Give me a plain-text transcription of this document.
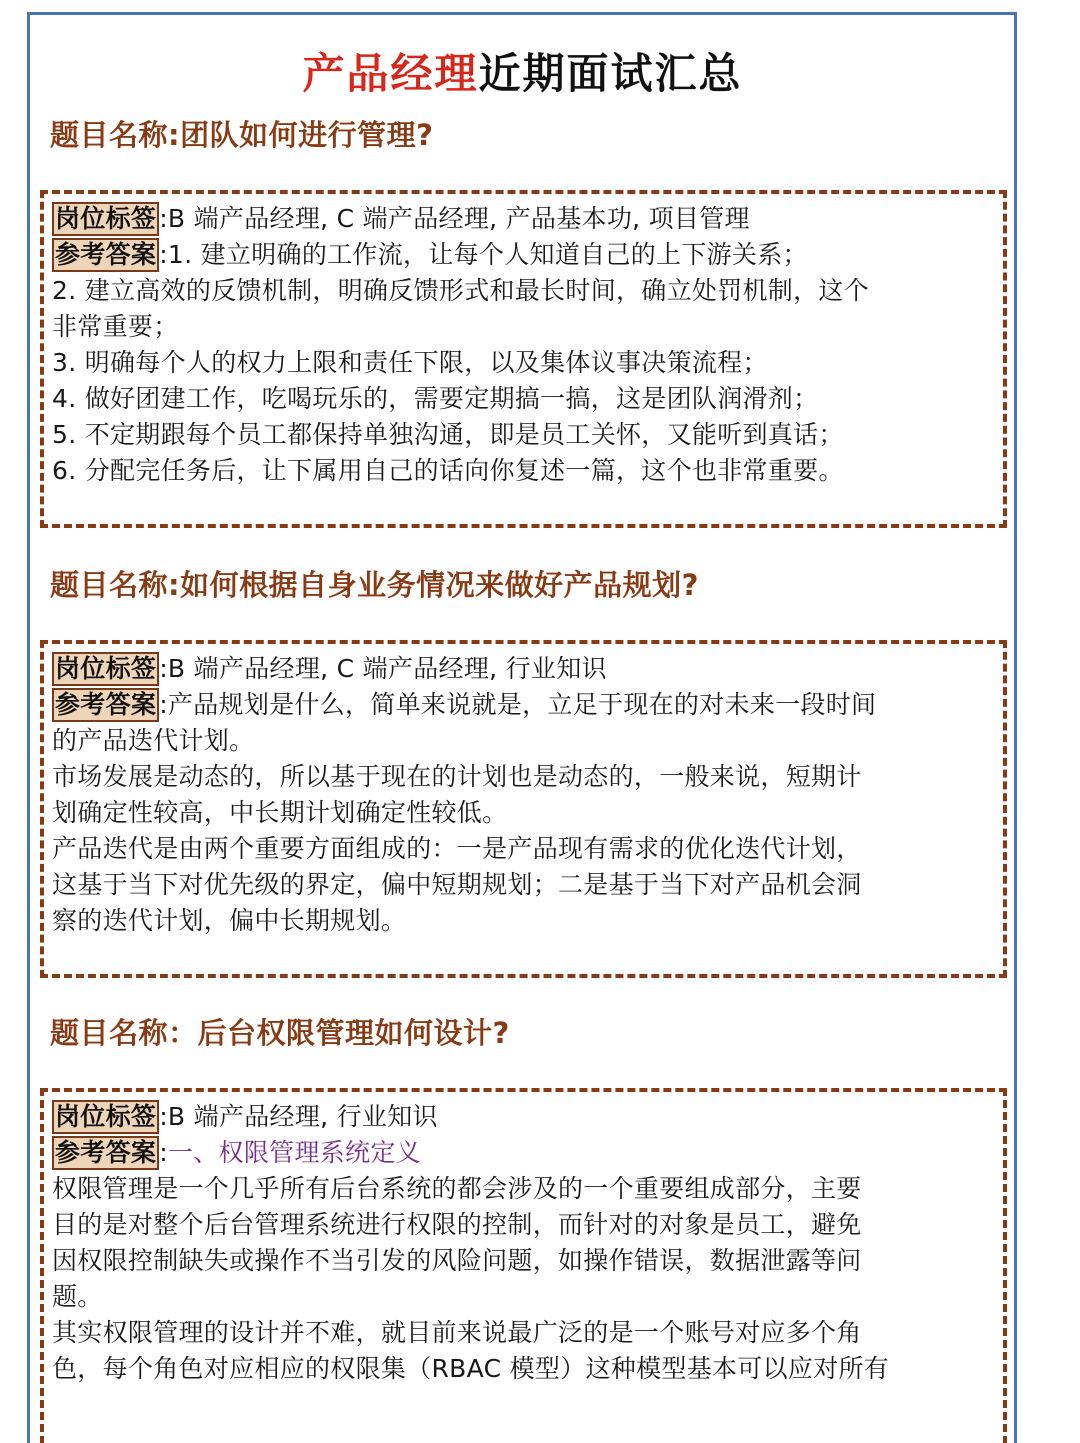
产品经理近期面试汇总
题目名称:团队如何进行管理?
岗位标签 :B 端产品经理, C 端产品经理, 产品基本功, 项目管理
参考答案 :1. 建立明确的工作流，让每个人知道自己的上下游关系；
2. 建立高效的反馈机制，明确反馈形式和最长时间，确立处罚机制，这个
非常重要；
3. 明确每个人的权力上限和责任下限，以及集体议事决策流程；
4. 做好团建工作，吃喝玩乐的，需要定期搞一搞，这是团队润滑剂；
5. 不定期跟每个员工都保持单独沟通，即是员工关怀，又能听到真话；
6. 分配完任务后，让下属用自己的话向你复述一篇，这个也非常重要。
题目名称:如何根据自身业务情况来做好产品规划?
岗位标签 :B 端产品经理, C 端产品经理, 行业知识
参考答案 :产品规划是什么，简单来说就是，立足于现在的对未来一段时间
的产品迭代计划。
市场发展是动态的，所以基于现在的计划也是动态的，一般来说，短期计
划确定性较高，中长期计划确定性较低。
产品迭代是由两个重要方面组成的：一是产品现有需求的优化迭代计划，
这基于当下对优先级的界定，偏中短期规划；二是基于当下对产品机会洞
察的迭代计划，偏中长期规划。
题目名称：后台权限管理如何设计?
岗位标签 :B 端产品经理, 行业知识
参考答案 :一、权限管理系统定义
权限管理是一个几乎所有后台系统的都会涉及的一个重要组成部分，主要
目的是对整个后台管理系统进行权限的控制，而针对的对象是员工，避免
因权限控制缺失或操作不当引发的风险问题，如操作错误，数据泄露等问
题。
其实权限管理的设计并不难，就目前来说最广泛的是一个账号对应多个角
色，每个角色对应相应的权限集（RBAC 模型）这种模型基本可以应对所有
